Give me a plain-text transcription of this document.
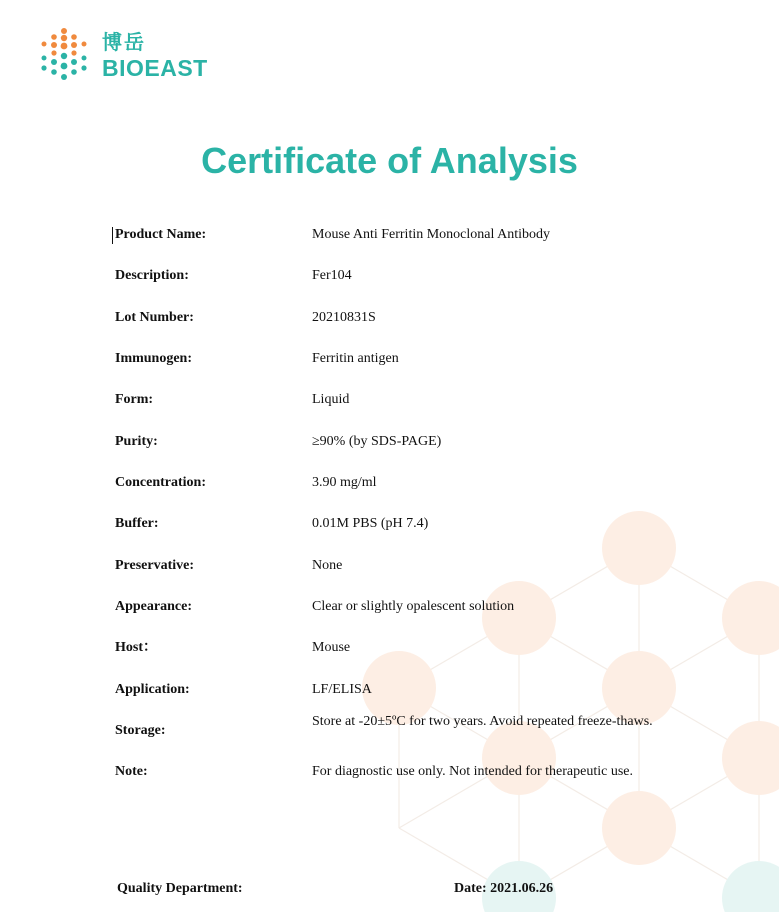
博岳
BIOEAST
Certificate of Analysis
Product Name:	Mouse Anti Ferritin Monoclonal Antibody
Description:	Fer104
Lot Number:	20210831S
Immunogen:	Ferritin antigen
Form:	Liquid
Purity:	≥90% (by SDS-PAGE)
Concentration:	3.90 mg/ml
Buffer:	0.01M PBS (pH 7.4)
Preservative:	None
Appearance:	Clear or slightly opalescent solution
Host：	Mouse
Application:	LF/ELISA
Storage:
Store at -20±5ºC for two years. Avoid repeated freeze-thaws.
Note:	For diagnostic use only. Not intended for therapeutic use.
Quality Department:	Date: 2021.06.26
